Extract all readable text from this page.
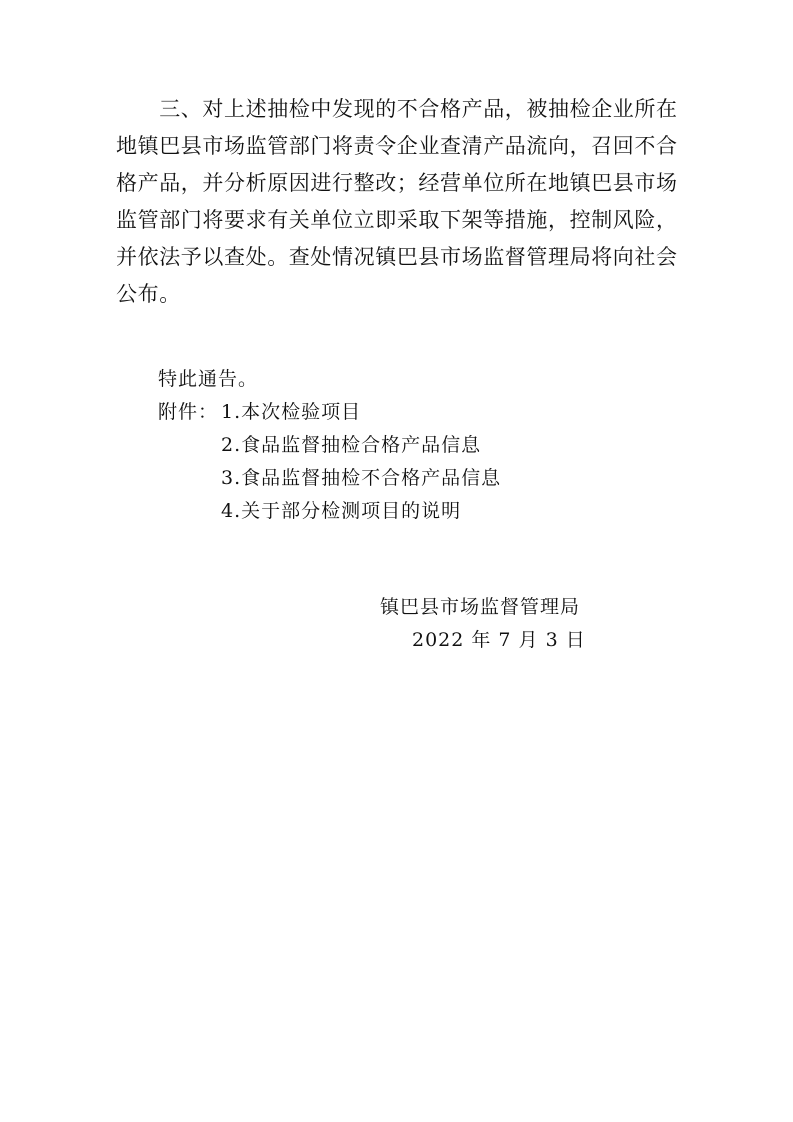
　　三、对上述抽检中发现的不合格产品，被抽检企业所在
地镇巴县市场监管部门将责令企业查清产品流向，召回不合
格产品，并分析原因进行整改；经营单位所在地镇巴县市场
监管部门将要求有关单位立即采取下架等措施，控制风险，
并依法予以查处。查处情况镇巴县市场监督管理局将向社会
公布。
特此通告。
附件： 1.本次检验项目
2.食品监督抽检合格产品信息
3.食品监督抽检不合格产品信息
4.关于部分检测项目的说明
镇巴县市场监督管理局
2022 年 7 月 3 日
